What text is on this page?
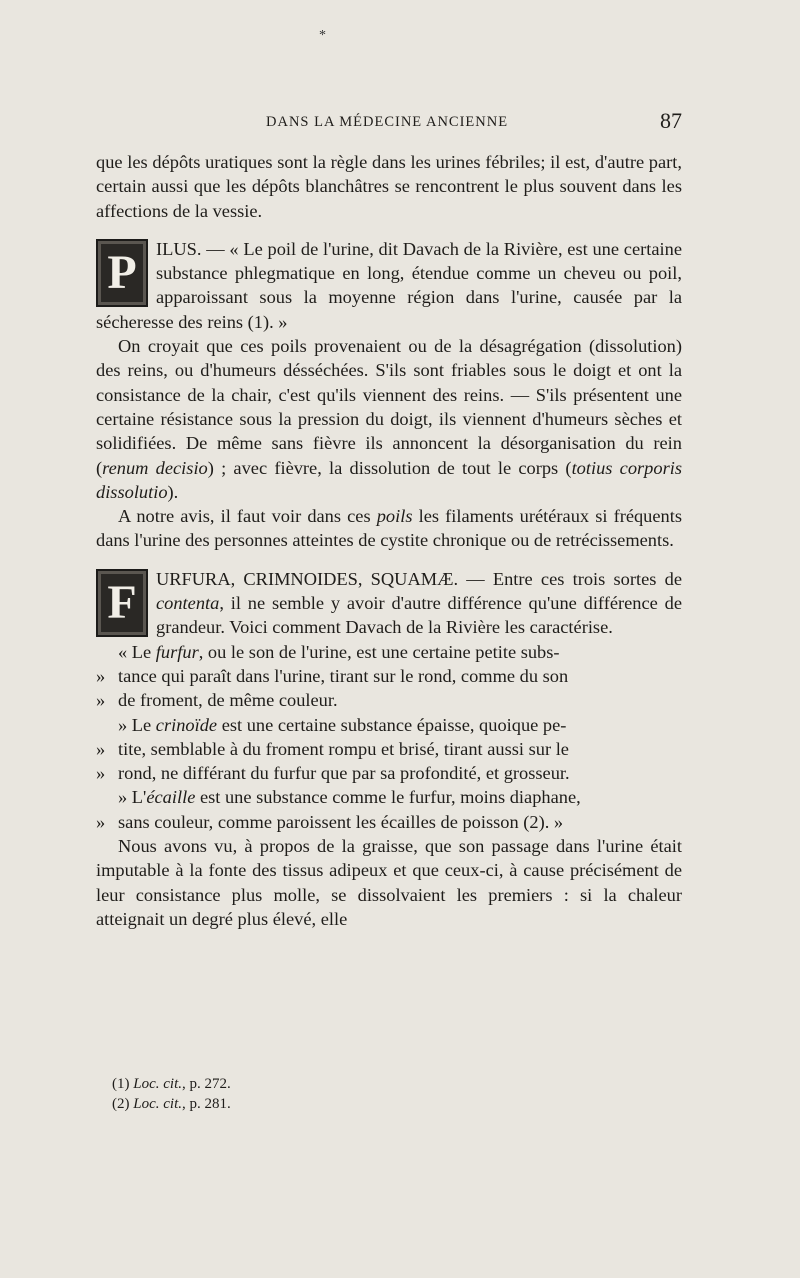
*
DANS LA MÉDECINE ANCIENNE	87

que les dépôts uratiques sont la règle dans les urines fébriles; il est, d'autre part, certain aussi que les dépôts blanchâtres se rencontrent le plus souvent dans les affections de la vessie.

P	ILUS. — « Le poil de l'urine, dit Davach de la Rivière, est une certaine substance phlegmatique en long, étendue comme un cheveu ou poil, apparoissant sous la moyenne région dans l'urine, causée par la sécheresse des reins (1). »

On croyait que ces poils provenaient ou de la désagrégation (dissolution) des reins, ou d'humeurs désséchées. S'ils sont friables sous le doigt et ont la consistance de la chair, c'est qu'ils viennent des reins. — S'ils présentent une certaine résistance sous la pression du doigt, ils viennent d'humeurs sèches et solidifiées. De même sans fièvre ils annoncent la désorganisation du rein (renum decisio) ; avec fièvre, la dissolution de tout le corps (totius corporis dissolutio).

A notre avis, il faut voir dans ces poils les filaments urétéraux si fréquents dans l'urine des personnes atteintes de cystite chronique ou de retrécissements.

F	URFURA, CRIMNOIDES, SQUAMÆ. — Entre ces trois sortes de contenta, il ne semble y avoir d'autre différence qu'une différence de grandeur. Voici comment Davach de la Rivière les caractérise.

« Le furfur, ou le son de l'urine, est une certaine petite subs-

» tance qui paraît dans l'urine, tirant sur le rond, comme du son

» de froment, de même couleur.

» Le crinoïde est une certaine substance épaisse, quoique pe-

» tite, semblable à du froment rompu et brisé, tirant aussi sur le

» rond, ne différant du furfur que par sa profondité, et grosseur.

» L'écaille est une substance comme le furfur, moins diaphane,

» sans couleur, comme paroissent les écailles de poisson (2). »

Nous avons vu, à propos de la graisse, que son passage dans l'urine était imputable à la fonte des tissus adipeux et que ceux-ci, à cause précisément de leur consistance plus molle, se dissolvaient les premiers : si la chaleur atteignait un degré plus élevé, elle

(1) Loc. cit., p. 272.
(2) Loc. cit., p. 281.
